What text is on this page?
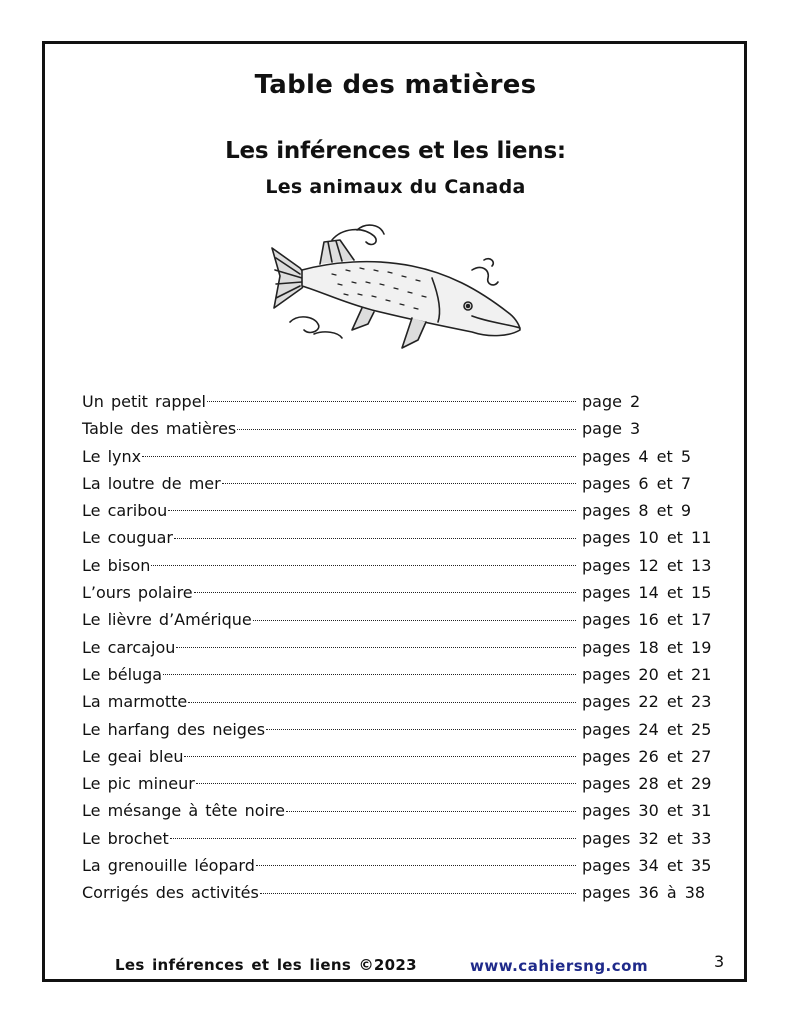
Table des matières
Les inférences et les liens:
Les animaux du Canada
Un petit rappel	page 2
Table des matières	page 3
Le lynx	pages 4 et 5
La loutre de mer	pages 6 et 7
Le caribou	pages 8 et 9
Le couguar	pages 10 et 11
Le bison	pages 12 et 13
L’ours polaire	pages 14 et 15
Le lièvre d’Amérique	pages 16 et 17
Le carcajou	pages 18 et 19
Le béluga	pages 20 et 21
La marmotte	pages 22 et 23
Le harfang des neiges	pages 24 et 25
Le geai bleu	pages 26 et 27
Le pic mineur	pages 28 et 29
Le mésange à tête noire	pages 30 et 31
Le brochet	pages 32 et 33
La grenouille léopard	pages 34 et 35
Corrigés des activités	pages 36 à 38
Les inférences et les liens ©2023	www.cahiersng.com	3
